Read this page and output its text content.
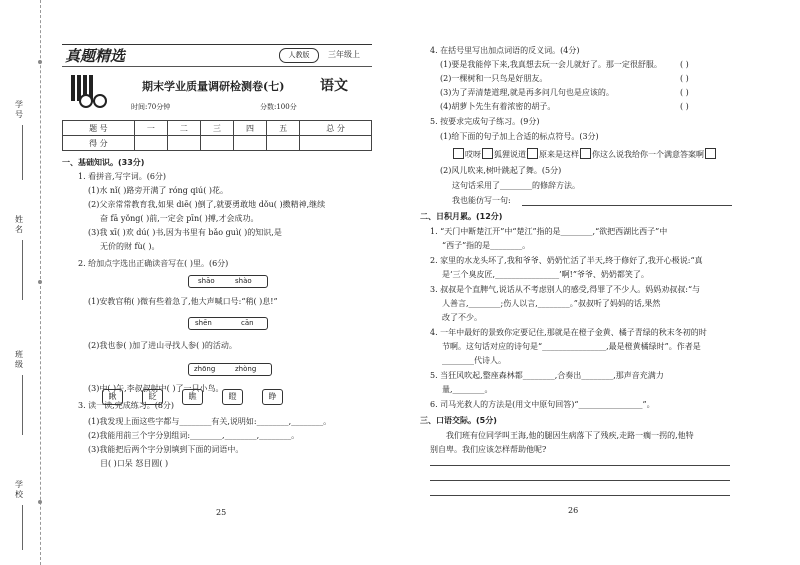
学号
姓名
班级
学校
真题精选	人教版	三年级上
期末学业质量调研检测卷(七)	语文
时间:70分钟	分数:100分
题 号	一	二	三	四	五	总 分
得 分						
一、基础知识。(33分)
1. 看拼音,写字词。(6分)
(1)水 nǐ( )路旁开满了 róng qiú( )花。
(2)父亲常常教育我,如果 diē( )倒了,就要勇敢地 dǒu( )擞精神,继续
奋 fā yǒng( )前,一定会 pīn( )搏,才会成功。
(3)我 xī( )欢 dú( )书,因为书里有 bǎo guì( )的知识,是
无价的财 fù( )。
2. 给加点字选出正确读音写在( )里。(6分)
shāo	shào
(1)安教官稍( )微有些着急了,他大声喊口号:“稍( )息!”
shēn	cān
(2)我也参( )加了进山寻找人参( )的活动。
zhōng	zhòng
(3)中( )午,李叔叔射中( )了一只小鸟。
3. 读一读,完成练习。(8分)
瞅	眨	瞧	瞪	睁
(1)我发现上面这些字都与________有关,说明如:________,________。
(2)我能用前三个字分别组词:________,________,________。
(3)我能把后两个字分别填到下面的词语中。
目( )口呆 怒目圆( )
25
4. 在括号里写出加点词语的反义词。(4分)
(1)要是我能停下来,我真想去玩一会儿就好了。那一定很舒服。 ( )
(2)一棵树和一只鸟是好朋友。	( )
(3)为了弄清楚道理,就是再多问几句也是应该的。	( )
(4)胡萝卜先生有着浓密的胡子。	( )
5. 按要求完成句子练习。(9分)
(1)给下面的句子加上合适的标点符号。(3分)
哎呀 狐狸说道 原来是这样 你这么说我给你一个满意答案啊
(2)风儿吹来,树叶跳起了舞。(5分)
这句话采用了________的修辞方法。
我也能仿写一句:
二、日积月累。(12分)
1. “天门中断楚江开”中“楚江”指的是________,“欲把西湖比西子”中
“西子”指的是________。
2. 家里的水龙头坏了,我和爷爷、奶奶忙活了半天,终于修好了,我开心极说:“真
是‘三个臭皮匠,________________’啊!”爷爷、奶奶都笑了。
3. 叔叔是个直脾气,说话从不考虑别人的感受,得罪了不少人。妈妈劝叔叔:“与
人善言,________;伤人以言,________。”叔叔听了妈妈的话,果然
改了不少。
4. 一年中最好的景致你定要记住,那就是在橙子金黄、橘子青绿的秋末冬初的时
节啊。这句话对应的诗句是“________________,最是橙黄橘绿时”。作者是
________代诗人。
5. 当狂风吹起,整座森林都________,合奏出________,那声音充满力
量,________。
6. 司马光救人的方法是(用文中原句回答)“________________”。
三、口语交际。(5分)
我们班有位同学叫王海,他的腿因生病落下了残疾,走路一瘸一拐的,他特
别自卑。我们应该怎样帮助他呢?
26
